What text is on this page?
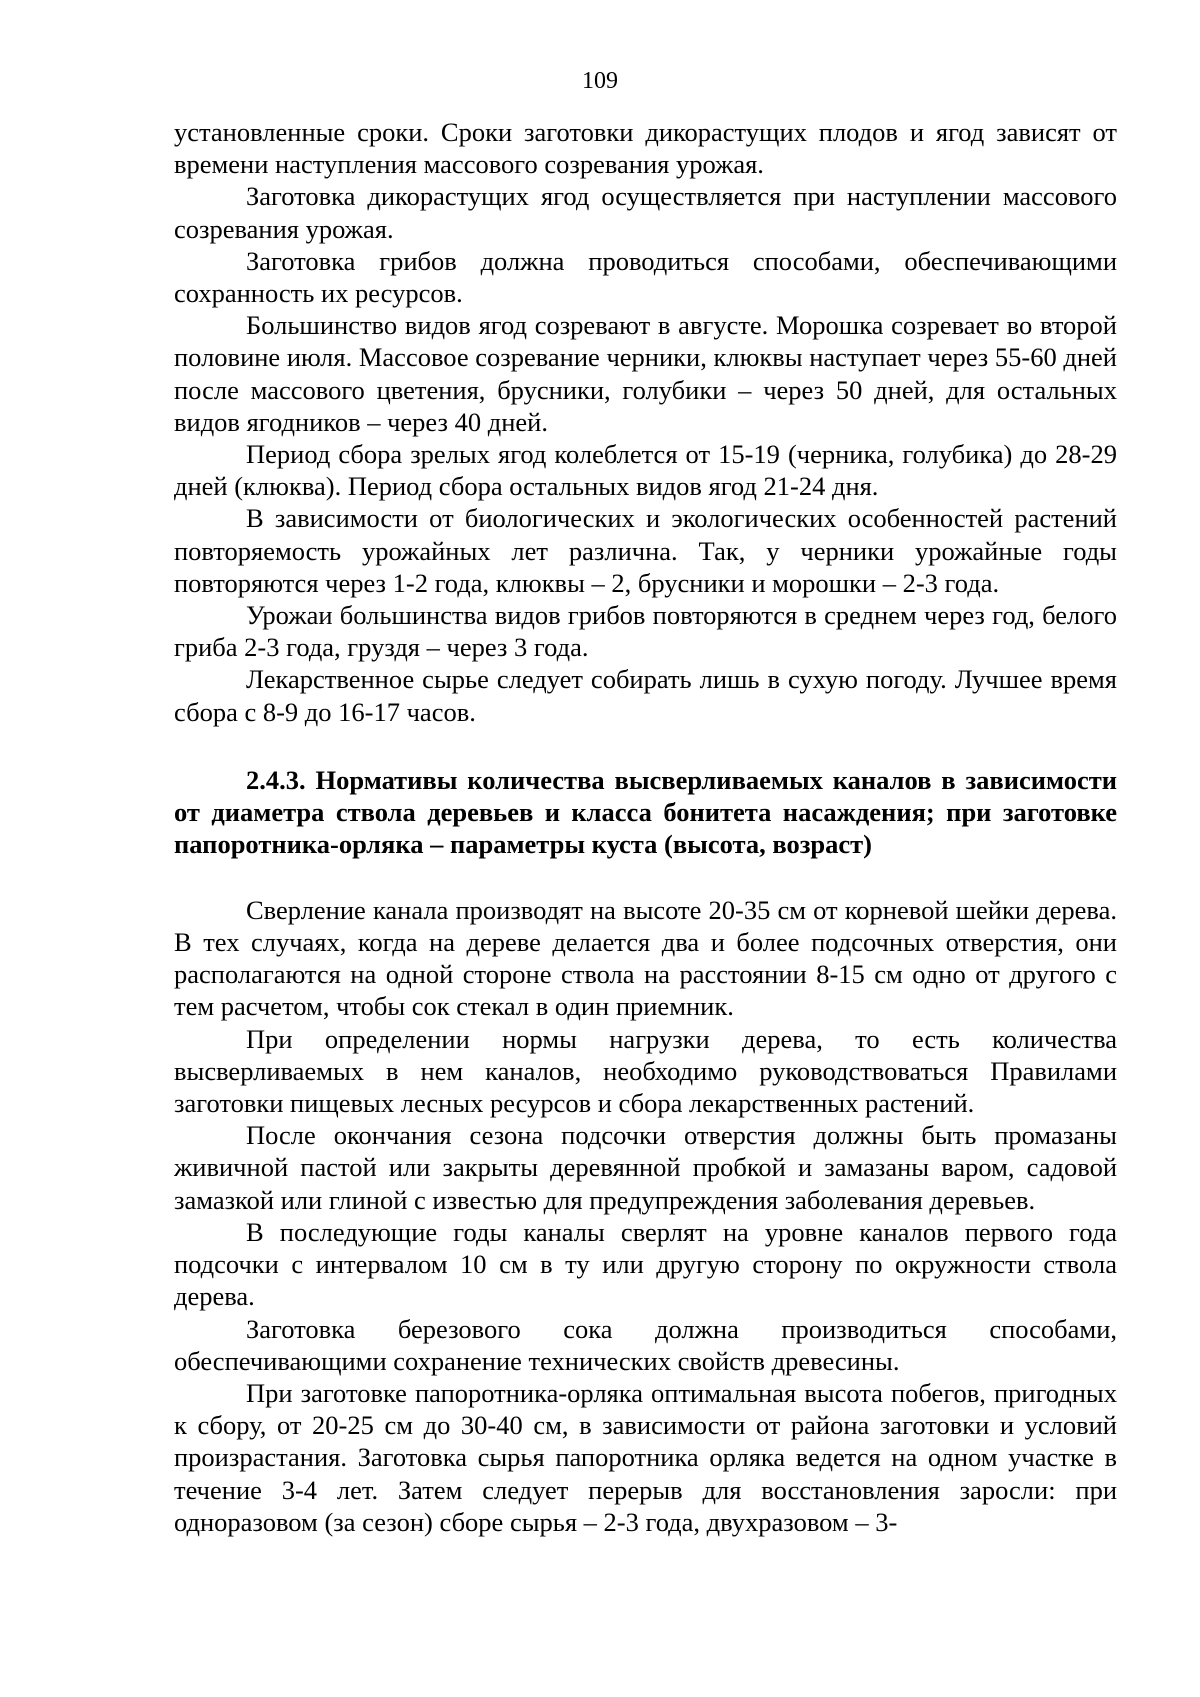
109

установленные сроки. Сроки заготовки дикорастущих плодов и ягод зависят от времени наступления массового созревания урожая.

Заготовка дикорастущих ягод осуществляется при наступлении массового созревания урожая.

Заготовка грибов должна проводиться способами, обеспечивающими сохранность их ресурсов.

Большинство видов ягод созревают в августе. Морошка созревает во второй половине июля. Массовое созревание черники, клюквы наступает через 55-60 дней после массового цветения, брусники, голубики – через 50 дней, для остальных видов ягодников – через 40 дней.

Период сбора зрелых ягод колеблется от 15-19 (черника, голубика) до 28-29 дней (клюква). Период сбора остальных видов ягод 21-24 дня.

В зависимости от биологических и экологических особенностей растений повторяемость урожайных лет различна. Так, у черники урожайные годы повторяются через 1-2 года, клюквы – 2, брусники и морошки – 2-3 года.

Урожаи большинства видов грибов повторяются в среднем через год, белого гриба 2-3 года, груздя – через 3 года.

Лекарственное сырье следует собирать лишь в сухую погоду. Лучшее время сбора с 8-9 до 16-17 часов.

2.4.3. Нормативы количества высверливаемых каналов в зависимости от диаметра ствола деревьев и класса бонитета насаждения; при заготовке папоротника-орляка – параметры куста (высота, возраст)

Сверление канала производят на высоте 20-35 см от корневой шейки дерева. В тех случаях, когда на дереве делается два и более подсочных отверстия, они располагаются на одной стороне ствола на расстоянии 8-15 см одно от другого с тем расчетом, чтобы сок стекал в один приемник.

При определении нормы нагрузки дерева, то есть количества высверливаемых в нем каналов, необходимо руководствоваться Правилами заготовки пищевых лесных ресурсов и сбора лекарственных растений.

После окончания сезона подсочки отверстия должны быть промазаны живичной пастой или закрыты деревянной пробкой и замазаны варом, садовой замазкой или глиной с известью для предупреждения заболевания деревьев.

В последующие годы каналы сверлят на уровне каналов первого года подсочки с интервалом 10 см в ту или другую сторону по окружности ствола дерева.

Заготовка березового сока должна производиться способами, обеспечивающими сохранение технических свойств древесины.

При заготовке папоротника-орляка оптимальная высота побегов, пригодных к сбору, от 20-25 см до 30-40 см, в зависимости от района заготовки и условий произрастания. Заготовка сырья папоротника орляка ведется на одном участке в течение 3-4 лет. Затем следует перерыв для восстановления заросли: при одноразовом (за сезон) сборе сырья – 2-3 года, двухразовом – 3-
